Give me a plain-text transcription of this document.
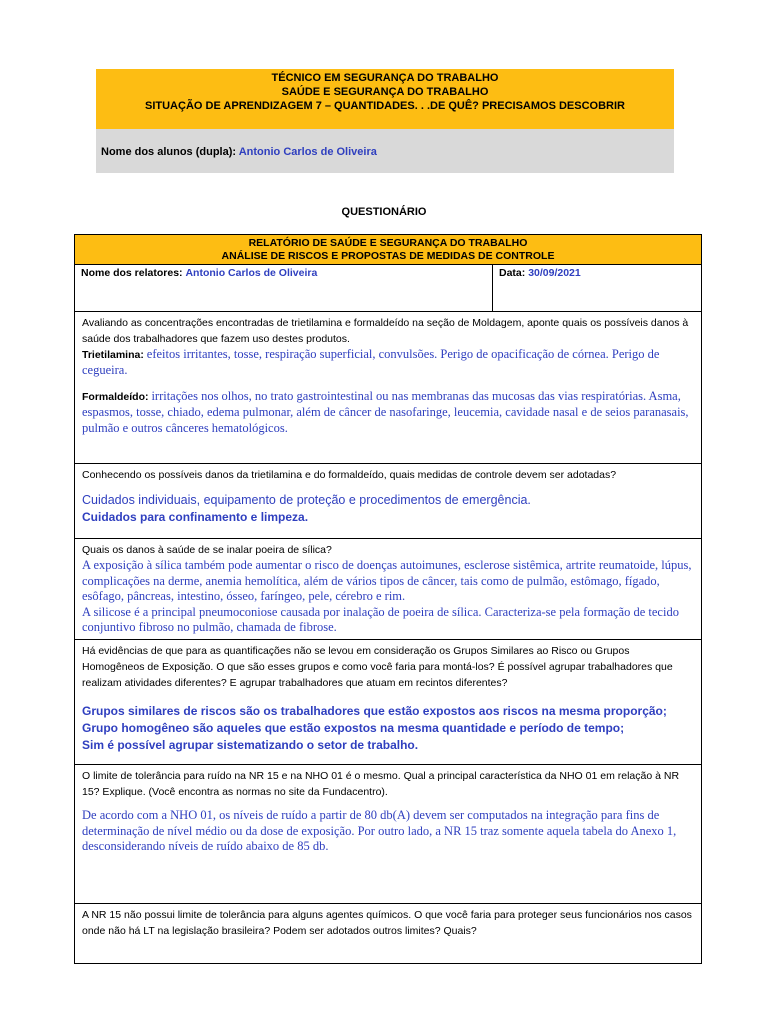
TÉCNICO EM SEGURANÇA DO TRABALHO
SAÚDE E SEGURANÇA DO TRABALHO
SITUAÇÃO DE APRENDIZAGEM 7 – QUANTIDADES. . .DE QUÊ? PRECISAMOS DESCOBRIR
Nome dos alunos (dupla): Antonio Carlos de Oliveira
QUESTIONÁRIO
RELATÓRIO DE SAÚDE E SEGURANÇA DO TRABALHO
ANÁLISE DE RISCOS E PROPOSTAS DE MEDIDAS DE CONTROLE
Nome dos relatores: Antonio Carlos de Oliveira	Data: 30/09/2021

Avaliando as concentrações encontradas de trietilamina e formaldeído na seção de Moldagem, aponte quais os possíveis danos à saúde dos trabalhadores que fazem uso destes produtos.

Trietilamina: efeitos irritantes, tosse, respiração superficial, convulsões. Perigo de opacificação de córnea. Perigo de cegueira.

Formaldeído: irritações nos olhos, no trato gastrointestinal ou nas membranas das mucosas das vias respiratórias. Asma, espasmos, tosse, chiado, edema pulmonar, além de câncer de nasofaringe, leucemia, cavidade nasal e de seios paranasais, pulmão e outros cânceres hematológicos.

Conhecendo os possíveis danos da trietilamina e do formaldeído, quais medidas de controle devem ser adotadas?

Cuidados individuais, equipamento de proteção e procedimentos de emergência.

Cuidados para confinamento e limpeza.

Quais os danos à saúde de se inalar poeira de sílica?

A exposição à sílica também pode aumentar o risco de doenças autoimunes, esclerose sistêmica, artrite reumatoide, lúpus, complicações na derme, anemia hemolítica, além de vários tipos de câncer, tais como de pulmão, estômago, fígado, esôfago, pâncreas, intestino, ósseo, faríngeo, pele, cérebro e rim.

A silicose é a principal pneumoconiose causada por inalação de poeira de sílica. Caracteriza-se pela formação de tecido conjuntivo fibroso no pulmão, chamada de fibrose.

Há evidências de que para as quantificações não se levou em consideração os Grupos Similares ao Risco ou Grupos Homogêneos de Exposição. O que são esses grupos e como você faria para montá-los? É possível agrupar trabalhadores que realizam atividades diferentes? E agrupar trabalhadores que atuam em recintos diferentes?

Grupos similares de riscos são os trabalhadores que estão expostos aos riscos na mesma proporção;

Grupo homogêneo são aqueles que estão expostos na mesma quantidade e período de tempo;

Sim é possível agrupar sistematizando o setor de trabalho.

O limite de tolerância para ruído na NR 15 e na NHO 01 é o mesmo. Qual a principal característica da NHO 01 em relação à NR 15? Explique. (Você encontra as normas no site da Fundacentro).

De acordo com a NHO 01, os níveis de ruído a partir de 80 db(A) devem ser computados na integração para fins de determinação de nível médio ou da dose de exposição. Por outro lado, a NR 15 traz somente aquela tabela do Anexo 1, desconsiderando níveis de ruído abaixo de 85 db.

A NR 15 não possui limite de tolerância para alguns agentes químicos. O que você faria para proteger seus funcionários nos casos onde não há LT na legislação brasileira? Podem ser adotados outros limites? Quais?
